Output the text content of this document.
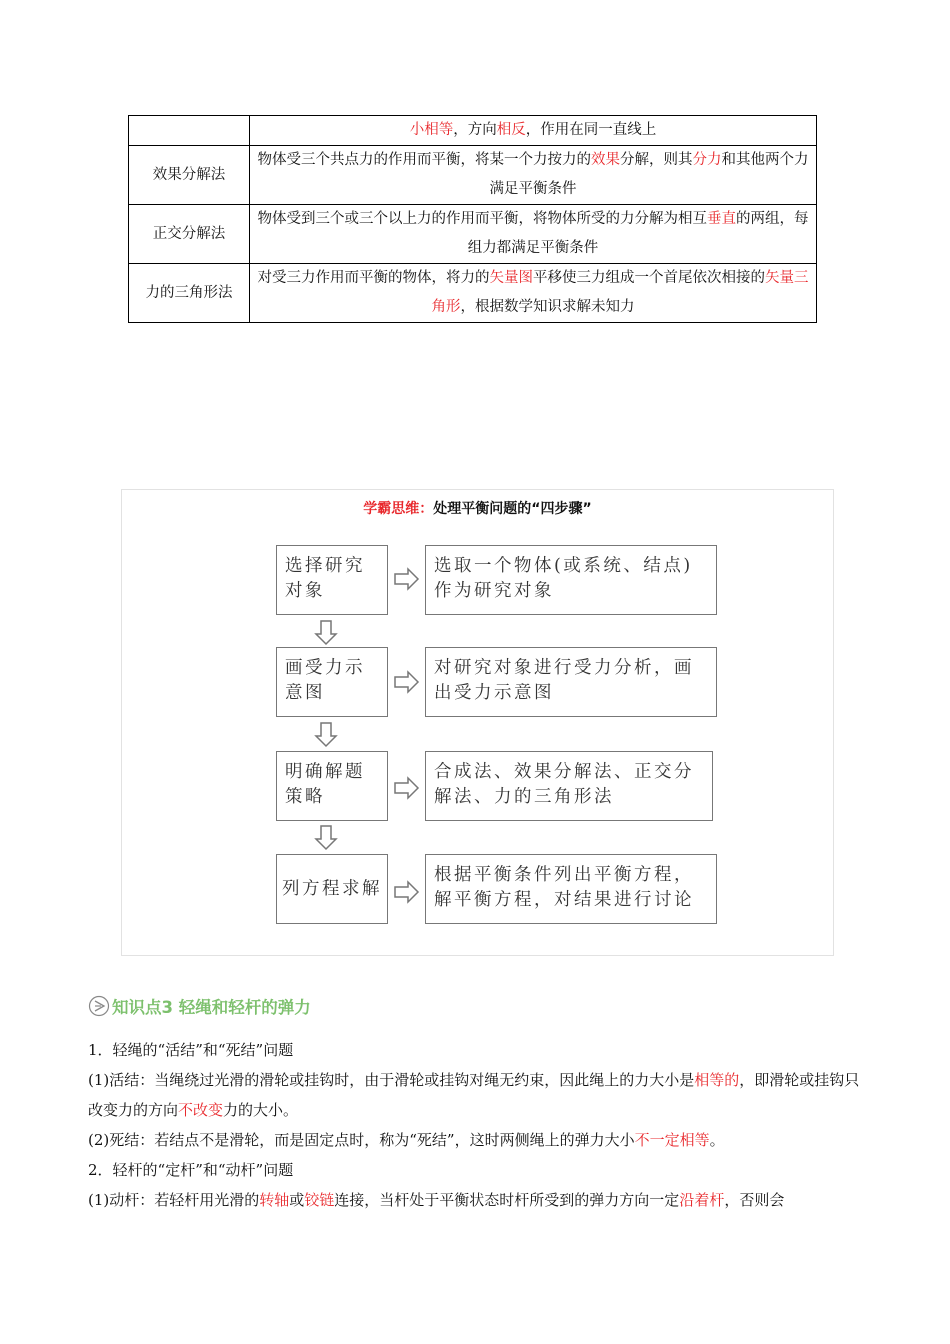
	小相等，方向相反，作用在同一直线上
效果分解法	物体受三个共点力的作用而平衡，将某一个力按力的效果分解，则其分力和其他两个力满足平衡条件
正交分解法	物体受到三个或三个以上力的作用而平衡，将物体所受的力分解为相互垂直的两组，每组力都满足平衡条件
力的三角形法	对受三力作用而平衡的物体，将力的矢量图平移使三力组成一个首尾依次相接的矢量三角形，根据数学知识求解未知力
学霸思维：处理平衡问题的“四步骤”
选择研究对象
选取一个物体(或系统、结点)作为研究对象
画受力示意图
对研究对象进行受力分析，画出受力示意图
明确解题策略
合成法、效果分解法、正交分解法、力的三角形法
列方程求解
根据平衡条件列出平衡方程，解平衡方程，对结果进行讨论
知识点3 轻绳和轻杆的弹力
1．轻绳的“活结”和“死结”问题
(1)活结：当绳绕过光滑的滑轮或挂钩时，由于滑轮或挂钩对绳无约束，因此绳上的力大小是相等的，即滑轮或挂钩只改变力的方向不改变力的大小。
(2)死结：若结点不是滑轮，而是固定点时，称为“死结”，这时两侧绳上的弹力大小不一定相等。
2．轻杆的“定杆”和“动杆”问题
(1)动杆：若轻杆用光滑的转轴或铰链连接，当杆处于平衡状态时杆所受到的弹力方向一定沿着杆，否则会
